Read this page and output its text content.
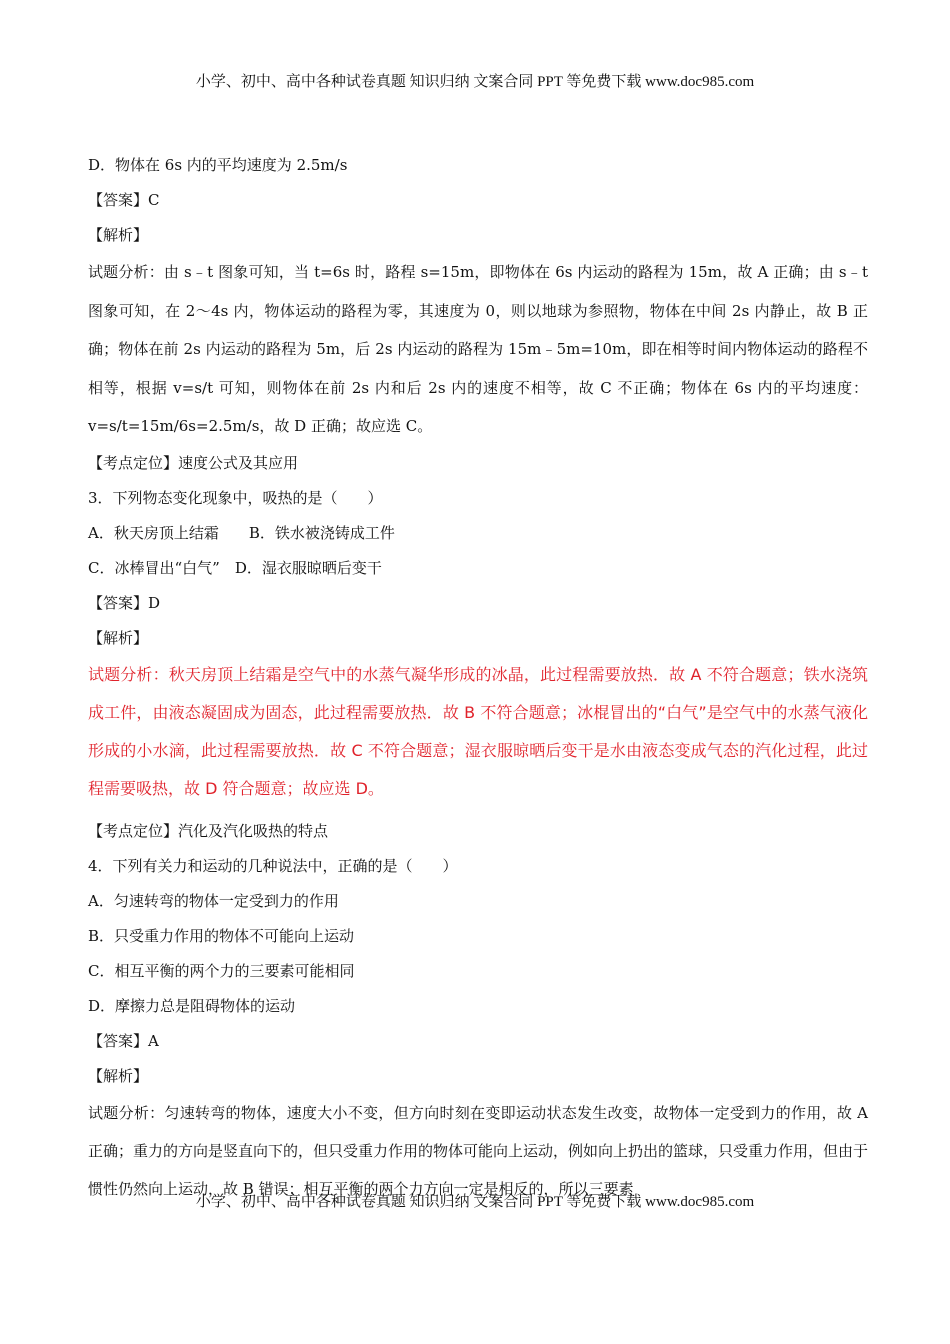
小学、初中、高中各种试卷真题 知识归纳 文案合同 PPT 等免费下载 www.doc985.com
D．物体在 6s 内的平均速度为 2.5m/s
【答案】C
【解析】
试题分析：由 s﹣t 图象可知，当 t=6s 时，路程 s=15m，即物体在 6s 内运动的路程为 15m，故 A 正确；由 s﹣t 图象可知，在 2～4s 内，物体运动的路程为零，其速度为 0，则以地球为参照物，物体在中间 2s 内静止，故 B 正确；物体在前 2s 内运动的路程为 5m，后 2s 内运动的路程为 15m﹣5m=10m，即在相等时间内物体运动的路程不相等，根据 v=s/t 可知，则物体在前 2s 内和后 2s 内的速度不相等，故 C 不正确；物体在 6s 内的平均速度：v=s/t=15m/6s=2.5m/s，故 D 正确；故应选 C。
【考点定位】速度公式及其应用
3．下列物态变化现象中，吸热的是（　　）
A．秋天房顶上结霜　　B．铁水被浇铸成工件
C．冰棒冒出“白气”　D．湿衣服晾晒后变干
【答案】D
【解析】
试题分析：秋天房顶上结霜是空气中的水蒸气凝华形成的冰晶，此过程需要放热．故 A 不符合题意；铁水浇筑成工件，由液态凝固成为固态，此过程需要放热．故 B 不符合题意；冰棍冒出的“白气”是空气中的水蒸气液化形成的小水滴，此过程需要放热．故 C 不符合题意；湿衣服晾晒后变干是水由液态变成气态的汽化过程，此过程需要吸热，故 D 符合题意；故应选 D。
【考点定位】汽化及汽化吸热的特点
4．下列有关力和运动的几种说法中，正确的是（　　）
A．匀速转弯的物体一定受到力的作用
B．只受重力作用的物体不可能向上运动
C．相互平衡的两个力的三要素可能相同
D．摩擦力总是阻碍物体的运动
【答案】A
【解析】
试题分析：匀速转弯的物体，速度大小不变，但方向时刻在变即运动状态发生改变，故物体一定受到力的作用，故 A 正确；重力的方向是竖直向下的，但只受重力作用的物体可能向上运动，例如向上扔出的篮球，只受重力作用，但由于惯性仍然向上运动，故 B 错误；相互平衡的两个力方向一定是相反的，所以三要素
小学、初中、高中各种试卷真题 知识归纳 文案合同 PPT 等免费下载 www.doc985.com
